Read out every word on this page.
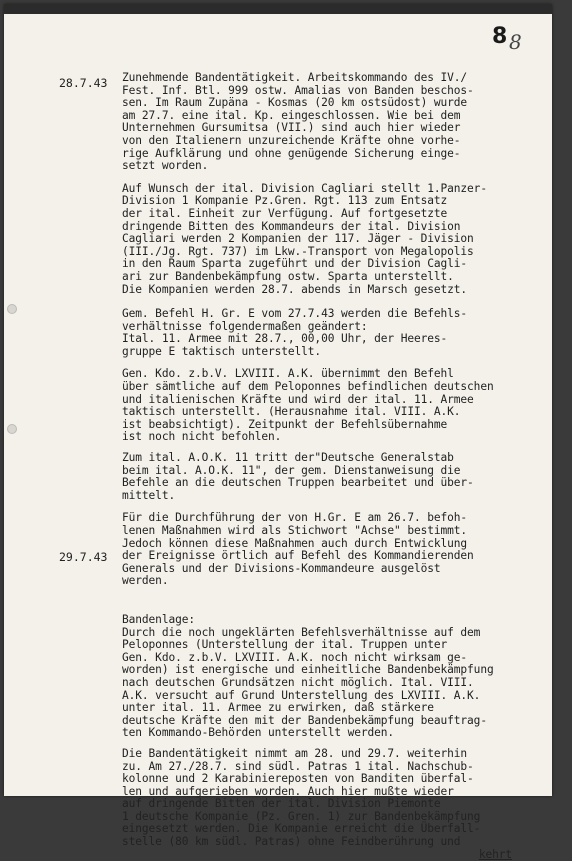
8 8
28.7.43
29.7.43
Zunehmende Bandentätigkeit. Arbeitskommando des IV./
Fest. Inf. Btl. 999 ostw. Amalias von Banden beschos-
sen. Im Raum Zupäna - Kosmas (20 km ostsüdost) wurde
am 27.7. eine ital. Kp. eingeschlossen. Wie bei dem
Unternehmen Gursumitsa (VII.) sind auch hier wieder
von den Italienern unzureichende Kräfte ohne vorhe-
rige Aufklärung und ohne genügende Sicherung einge-
setzt worden.
Auf Wunsch der ital. Division Cagliari stellt 1.Panzer-
Division 1 Kompanie Pz.Gren. Rgt. 113 zum Entsatz
der ital. Einheit zur Verfügung. Auf fortgesetzte
dringende Bitten des Kommandeurs der ital. Division
Cagliari werden 2 Kompanien der 117. Jäger - Division
(III./Jg. Rgt. 737) im Lkw.-Transport von Megalopolis
in den Raum Sparta zugeführt und der Division Cagli-
ari zur Bandenbekämpfung ostw. Sparta unterstellt.
Die Kompanien werden 28.7. abends in Marsch gesetzt.
Gem. Befehl H. Gr. E vom 27.7.43 werden die Befehls-
verhältnisse folgendermaßen geändert:
Ital. 11. Armee mit 28.7., 00,00 Uhr, der Heeres-
gruppe E taktisch unterstellt.
Gen. Kdo. z.b.V. LXVIII. A.K. übernimmt den Befehl
über sämtliche auf dem Peloponnes befindlichen deutschen
und italienischen Kräfte und wird der ital. 11. Armee
taktisch unterstellt. (Herausnahme ital. VIII. A.K.
ist beabsichtigt). Zeitpunkt der Befehlsübernahme
ist noch nicht befohlen.
Zum ital. A.O.K. 11 tritt der"Deutsche Generalstab
beim ital. A.O.K. 11", der gem. Dienstanweisung die
Befehle an die deutschen Truppen bearbeitet und über-
mittelt.
Für die Durchführung der von H.Gr. E am 26.7. befoh-
lenen Maßnahmen wird als Stichwort "Achse" bestimmt.
Jedoch können diese Maßnahmen auch durch Entwicklung
der Ereignisse örtlich auf Befehl des Kommandierenden
Generals und der Divisions-Kommandeure ausgelöst
werden.
Bandenlage:
Durch die noch ungeklärten Befehlsverhältnisse auf dem
Peloponnes (Unterstellung der ital. Truppen unter
Gen. Kdo. z.b.V. LXVIII. A.K. noch nicht wirksam ge-
worden) ist energische und einheitliche Bandenbekämpfung
nach deutschen Grundsätzen nicht möglich. Ital. VIII.
A.K. versucht auf Grund Unterstellung des LXVIII. A.K.
unter ital. 11. Armee zu erwirken, daß stärkere
deutsche Kräfte den mit der Bandenbekämpfung beauftrag-
ten Kommando-Behörden unterstellt werden.
Die Bandentätigkeit nimmt am 28. und 29.7. weiterhin
zu. Am 27./28.7. sind südl. Patras 1 ital. Nachschub-
kolonne und 2 Karabiniereposten von Banditen überfal-
len und aufgerieben worden. Auch hier mußte wieder
auf dringende Bitten der ital. Division Piemonte
1 deutsche Kompanie (Pz. Gren. 1) zur Bandenbekämpfung
eingesetzt werden. Die Kompanie erreicht die Überfall-
stelle (80 km südl. Patras) ohne Feindberührung und
kehrt
